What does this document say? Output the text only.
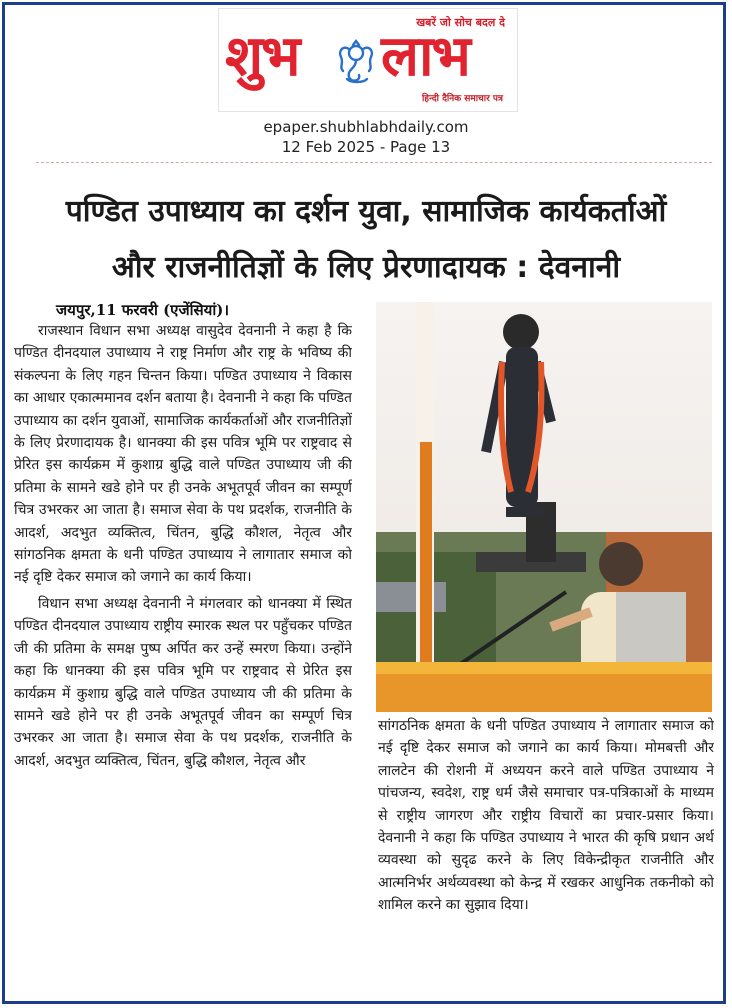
खबरें जो सोच बदल दे
शुभ लाभ
हिन्दी दैनिक समाचार पत्र
epaper.shubhlabhdaily.com
12 Feb 2025 - Page 13
पण्डित उपाध्याय का दर्शन युवा, सामाजिक कार्यकर्ताओं
और राजनीतिज्ञों के लिए प्रेरणादायक : देवनानी
जयपुर,11 फरवरी (एजेंसियां)।

राजस्थान विधान सभा अध्यक्ष वासुदेव देवनानी ने कहा है कि पण्डित दीनदयाल उपाध्याय ने राष्ट्र निर्माण और राष्ट्र के भविष्य की संकल्पना के लिए गहन चिन्तन किया। पण्डित उपाध्याय ने विकास का आधार एकात्ममानव दर्शन बताया है। देवनानी ने कहा कि पण्डित उपाध्याय का दर्शन युवाओं, सामाजिक कार्यकर्ताओं और राजनीतिज्ञों के लिए प्रेरणादायक है। धानक्या की इस पवित्र भूमि पर राष्ट्रवाद से प्रेरित इस कार्यक्रम में कुशाग्र बुद्धि वाले पण्डित उपाध्याय जी की प्रतिमा के सामने खडे होने पर ही उनके अभूतपूर्व जीवन का सम्पूर्ण चित्र उभरकर आ जाता है। समाज सेवा के पथ प्रदर्शक, राजनीति के आदर्श, अदभुत व्यक्तित्व, चिंतन, बुद्धि कौशल, नेतृत्व और सांगठनिक क्षमता के धनी पण्डित उपाध्याय ने लागातार समाज को नई दृष्टि देकर समाज को जगाने का कार्य किया।

विधान सभा अध्यक्ष देवनानी ने मंगलवार को धानक्या में स्थित पण्डित दीनदयाल उपाध्याय राष्ट्रीय स्मारक स्थल पर पहुँचकर पण्डित जी की प्रतिमा के समक्ष पुष्प अर्पित कर उन्हें स्मरण किया। उन्होंने कहा कि धानक्या की इस पवित्र भूमि पर राष्ट्रवाद से प्रेरित इस कार्यक्रम में कुशाग्र बुद्धि वाले पण्डित उपाध्याय जी की प्रतिमा के सामने खडे होने पर ही उनके अभूतपूर्व जीवन का सम्पूर्ण चित्र उभरकर आ जाता है। समाज सेवा के पथ प्रदर्शक, राजनीति के आदर्श, अदभुत व्यक्तित्व, चिंतन, बुद्धि कौशल, नेतृत्व और

सांगठनिक क्षमता के धनी पण्डित उपाध्याय ने लागातार समाज को नई दृष्टि देकर समाज को जगाने का कार्य किया। मोमबत्ती और लालटेन की रोशनी में अध्ययन करने वाले पण्डित उपाध्याय ने पांचजन्य, स्वदेश, राष्ट्र धर्म जैसे समाचार पत्र-पत्रिकाओं के माध्यम से राष्ट्रीय जागरण और राष्ट्रीय विचारों का प्रचार-प्रसार किया। देवनानी ने कहा कि पण्डित उपाध्याय ने भारत की कृषि प्रधान अर्थ व्यवस्था को सुदृढ करने के लिए विकेन्द्रीकृत राजनीति और आत्मनिर्भर अर्थव्यवस्था को केन्द्र में रखकर आधुनिक तकनीको को शामिल करने का सुझाव दिया।
